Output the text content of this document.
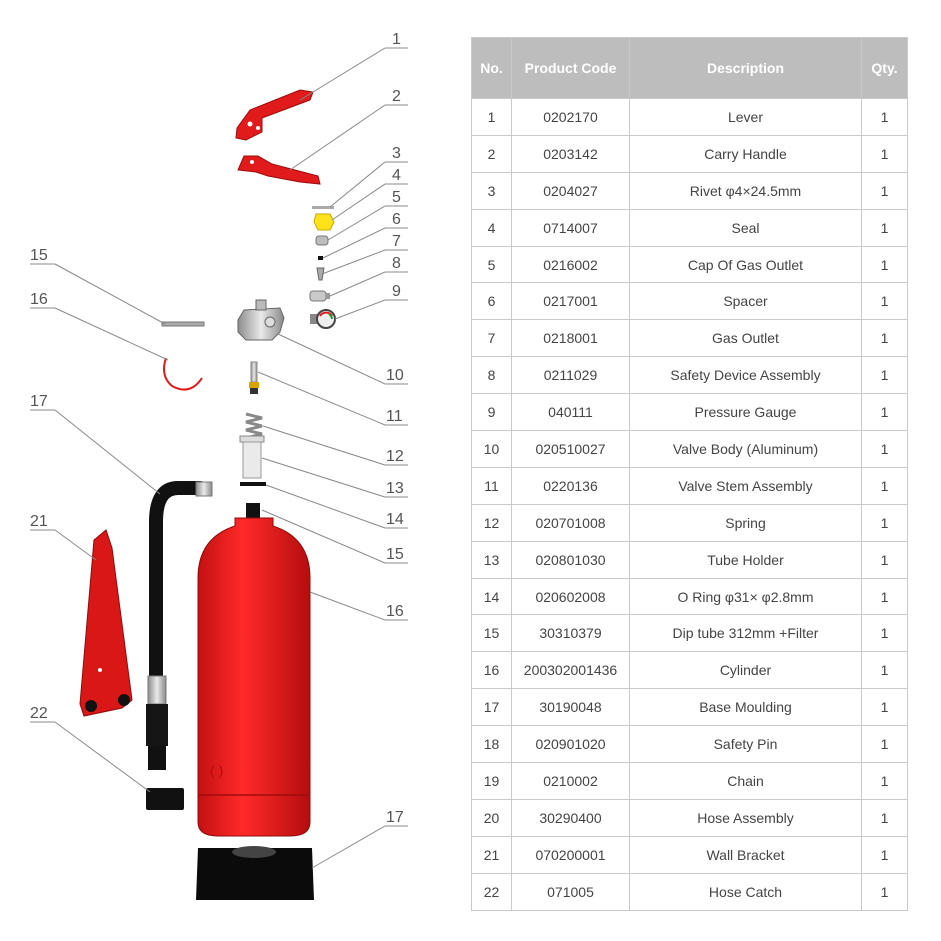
( )
1
2
3
4
5
6
7
8
9
10
11
12
13
14
15
16
17
15
16
17
21
22
No.	Product Code	Description	Qty.
1	0202170	Lever	1
2	0203142	Carry Handle	1
3	0204027	Rivet φ4×24.5mm	1
4	0714007	Seal	1
5	0216002	Cap Of Gas Outlet	1
6	0217001	Spacer	1
7	0218001	Gas Outlet	1
8	0211029	Safety Device Assembly	1
9	040111	Pressure Gauge	1
10	020510027	Valve Body (Aluminum)	1
11	0220136	Valve Stem Assembly	1
12	020701008	Spring	1
13	020801030	Tube Holder	1
14	020602008	O Ring φ31× φ2.8mm	1
15	30310379	Dip tube 312mm +Filter	1
16	200302001436	Cylinder	1
17	30190048	Base Moulding	1
18	020901020	Safety Pin	1
19	0210002	Chain	1
20	30290400	Hose Assembly	1
21	070200001	Wall Bracket	1
22	071005	Hose Catch	1
